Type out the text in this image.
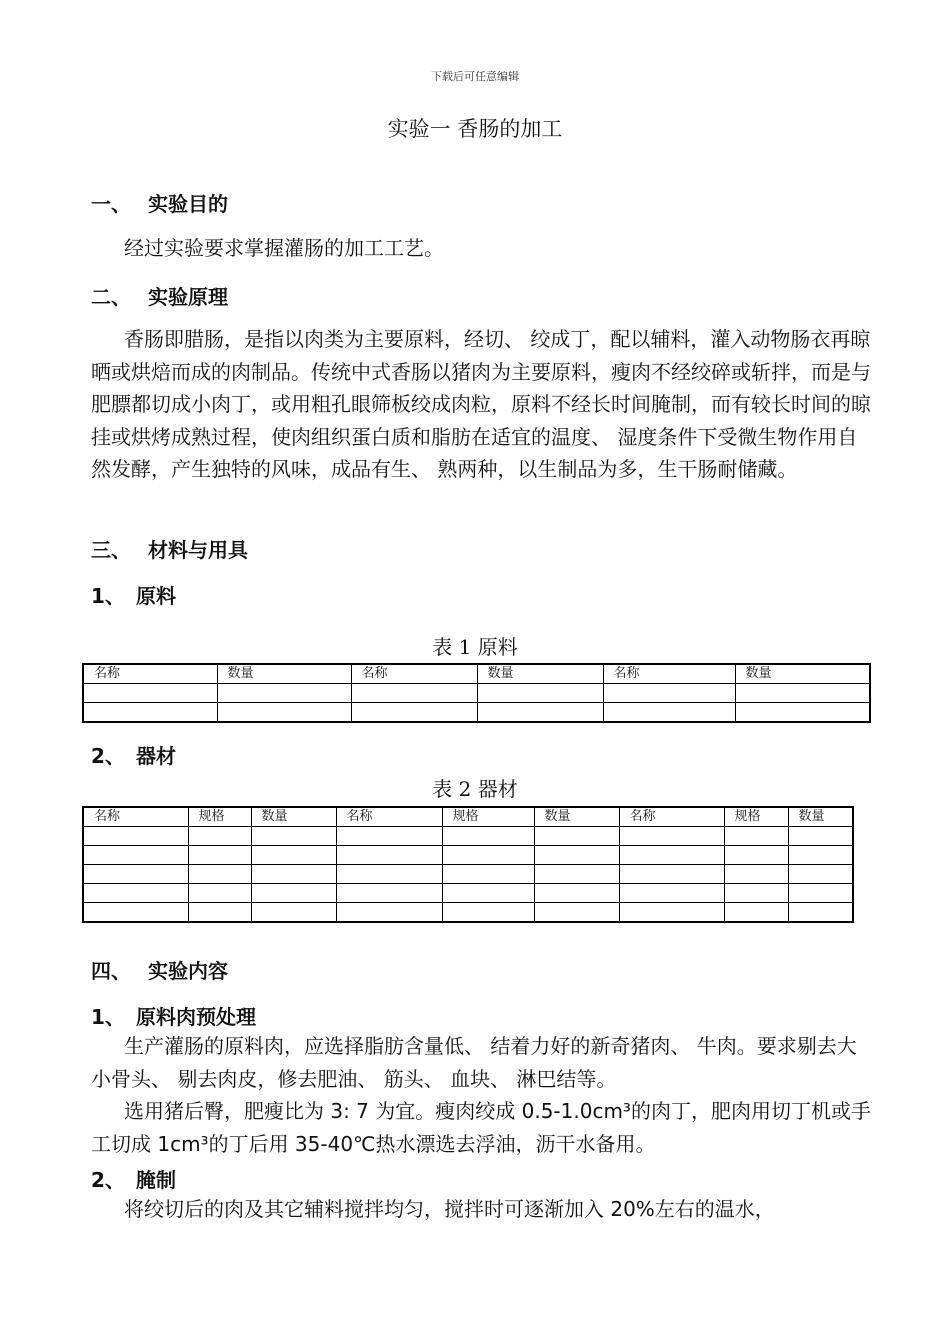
下载后可任意编辑
实验一 香肠的加工
一、 实验目的
经过实验要求掌握灌肠的加工工艺。
二、 实验原理
香肠即腊肠，是指以肉类为主要原料，经切、 绞成丁，配以辅料，灌入动物肠衣再晾晒或烘焙而成的肉制品。传统中式香肠以猪肉为主要原料，瘦肉不经绞碎或斩拌，而是与肥膘都切成小肉丁，或用粗孔眼筛板绞成肉粒，原料不经长时间腌制，而有较长时间的晾挂或烘烤成熟过程，使肉组织蛋白质和脂肪在适宜的温度、 湿度条件下受微生物作用自然发酵，产生独特的风味，成品有生、 熟两种，以生制品为多，生干肠耐储藏。
三、 材料与用具
1、 原料
表 1 原料
名称	数量	名称	数量	名称	数量

2、 器材
表 2 器材
名称	规格	数量	名称	规格	数量	名称	规格	数量

四、 实验内容
1、 原料肉预处理
生产灌肠的原料肉，应选择脂肪含量低、 结着力好的新奇猪肉、 牛肉。要求剔去大小骨头、 剔去肉皮，修去肥油、 筋头、 血块、 淋巴结等。
选用猪后臀，肥瘦比为 3: 7 为宜。瘦肉绞成 0.5-1.0cm³的肉丁，肥肉用切丁机或手工切成 1cm³的丁后用 35-40℃热水漂选去浮油，沥干水备用。
2、 腌制
将绞切后的肉及其它辅料搅拌均匀，搅拌时可逐渐加入 20%左右的温水，
